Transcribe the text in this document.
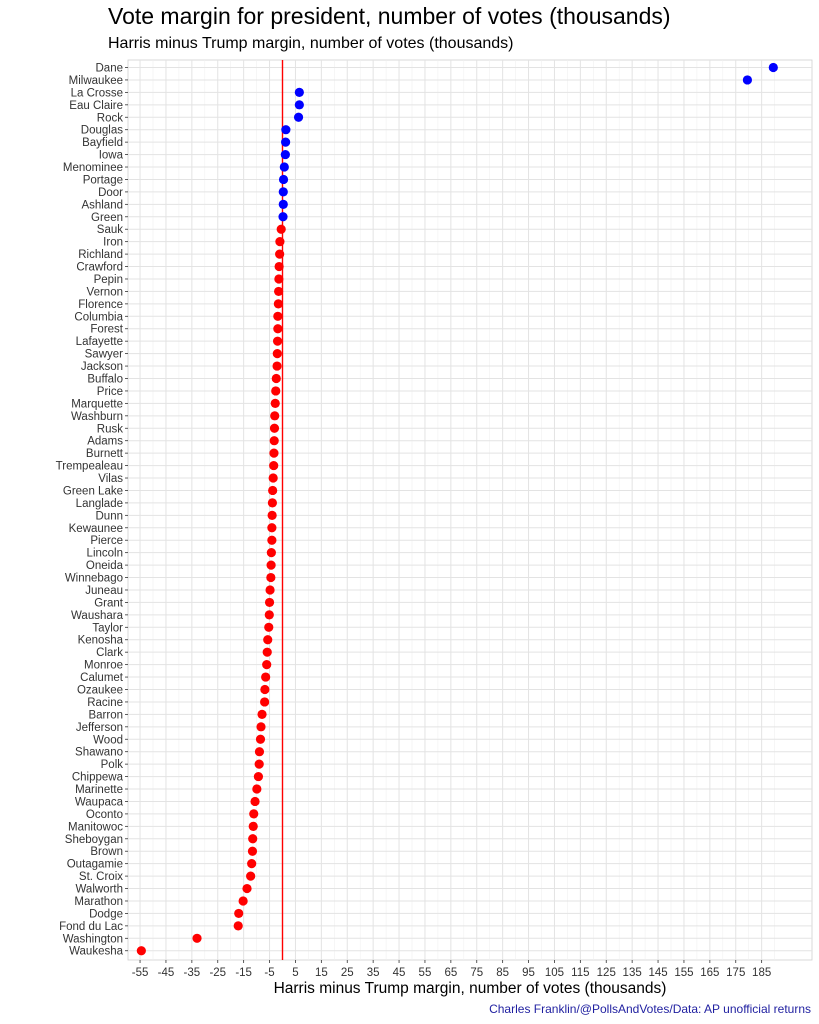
Vote margin for president, number of votes (thousands)
Harris minus Trump margin, number of votes (thousands)
Dane
Milwaukee
La Crosse
Eau Claire
Rock
Douglas
Bayfield
Iowa
Menominee
Portage
Door
Ashland
Green
Sauk
Iron
Richland
Crawford
Pepin
Vernon
Florence
Columbia
Forest
Lafayette
Sawyer
Jackson
Buffalo
Price
Marquette
Washburn
Rusk
Adams
Burnett
Trempealeau
Vilas
Green Lake
Langlade
Dunn
Kewaunee
Pierce
Lincoln
Oneida
Winnebago
Juneau
Grant
Waushara
Taylor
Kenosha
Clark
Monroe
Calumet
Ozaukee
Racine
Barron
Jefferson
Wood
Shawano
Polk
Chippewa
Marinette
Waupaca
Oconto
Manitowoc
Sheboygan
Brown
Outagamie
St. Croix
Walworth
Marathon
Dodge
Fond du Lac
Washington
Waukesha
-55 -45 -35 -25 -15 -5 5 15 25 35 45 55 65 75 85 95 105 115 125 135 145 155 165 175 185
Harris minus Trump margin, number of votes (thousands)
Charles Franklin/@PollsAndVotes/Data: AP unofficial returns
